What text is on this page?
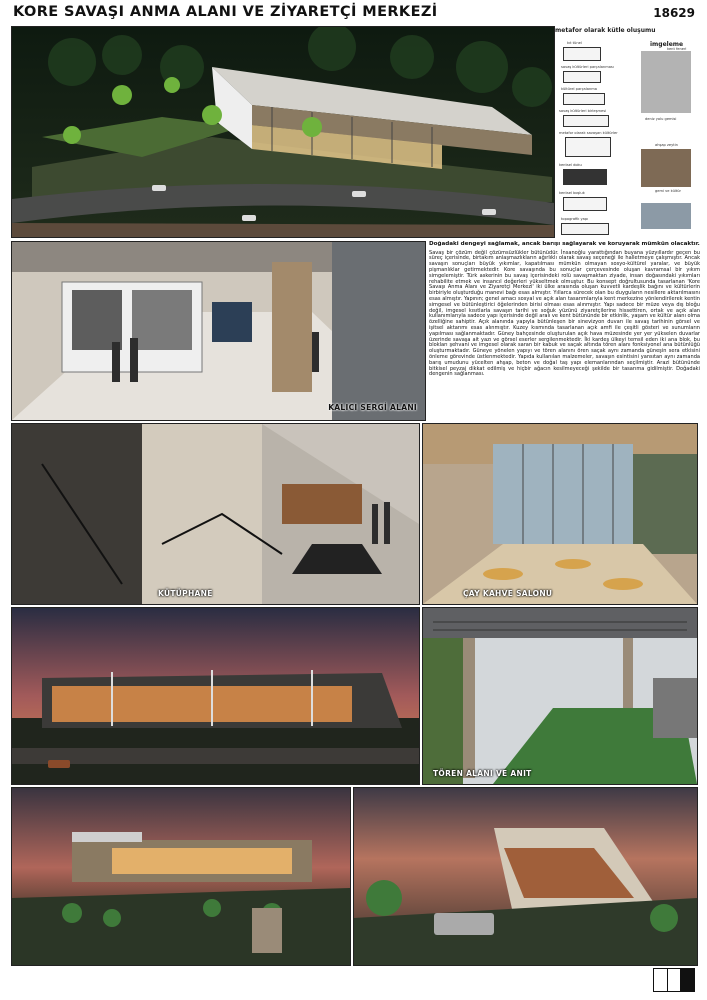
KORE SAVAŞI ANMA ALANI VE ZİYARETÇİ MERKEZİ	18629
metafor olarak kütle oluşumu
imgeleme
kıt tünel
savaş kültürleri parçalanması
kültürel parçalanma
savaş kültürleri birleşmesi
metafor olarak savaşan kültürler
kentsel doku
kentsel boşluk
topografik yapı
kent fenerl
deniz yolu gemisi
ahşap zeytin
gemi ve kültür
KALICI SERGİ ALANI
Doğadaki dengeyi sağlamak, ancak barışı sağlayarak ve koruyarak mümkün olacaktır.
Savaş bir çözüm değil çözümsüzlükler bütünüdür. İnsanoğlu yarattığından buyana yüzyıllardır geçen bu süreç içerisinde, birtakım anlaşmazlıkların ağırlıklı olarak savaş seçeneği ile halletmeye çalışmıştır. Ancak savaşın sonuçları büyük yıkımlar, kapatılması mümkün olmayan sosyo-kültürel yaralar, ve büyük pişmanlıklar getirmektedir. Kore savaşında bu sonuçlar çerçevesinde oluşan kavramsal bir yıkım simgelemiştir. Türk askerinin bu savaş içerisindeki rolü savaşmaktan ziyade, insan doğasındaki yıkımları rehabilite etmek ve insancıl değerleri yükseltmek olmuştur. Bu konsept doğrultusunda tasarlanan 'Kore Savaşı Anma Alanı ve Ziyaretçi Merkezi' iki ülke arasında oluşan kuvvetli kardeşlik bağını ve kültürlerin birbiriyle oluşturduğu manevi bağı esas almıştır. Yıllarca sürecek olan bu duyguların nesillere aktarılmasını esas almıştır. Yapının; genel amacı sosyal ve açık alan tasarımlarıyla kent merkezine yönlendirilerek kentin simgesel ve bütünleştirici öğelerinden birisi olması esas alınmıştır. Yapı sadece bir müze veya dış bloğu değil, imgesel kısıtlarla savaşın tarihi ve soğuk yüzünü ziyaretçilerine hissettiren, ortak ve açık alan kullanımlarıyla sadece yapı içerisinde değil aralı ve kent bütününde bir etkinlik, yaşam ve kültür alanı olma özelliğine sahiptir. Açık alanında yapıyla bütünleşen bir sinevizyon duvarı ile savaş tarihinin görsel ve işitsel aktarımı esas alınmıştır. Kuzey kısmında tasarlanan açık amfi ile çeşitli gösteri ve sunumların yapılması sağlanmaktadır. Güney bahçesinde oluşturulan açık hava müzesinde yer yer yükselen duvarlar üzerinde savaşa ait yazı ve görsel eserler sergilenmektedir. İki kardeş ülkeyi temsil eden iki ana blok, bu blokları şehvani ve imgesel olarak saran bir kabuk ve saçak altında tören alanı fonksiyonel ana bütünlüğü oluşturmaktadır. Güneye yönelen yapıyı ve tören alanını ören saçak aynı zamanda güneşin sera etkisini önleme görevinde üstlenmektedir. Yapıda kullanılan malzemeler, savaşın esintisini yansıtan aynı zamanda barış umudunu yücelten ahşap, beton ve doğal taş yapı elemanlarından seçilmiştir. Arazi bütününde bitkisel peyzaj dikkat edilmiş ve hiçbir ağacın kesilmeyeceği şekilde bir tasarıma gidilmiştir. Doğadaki dengenin sağlanması.
KÜTÜPHANE	ÇAY KAHVE SALONU
TÖREN ALANI VE ANIT
